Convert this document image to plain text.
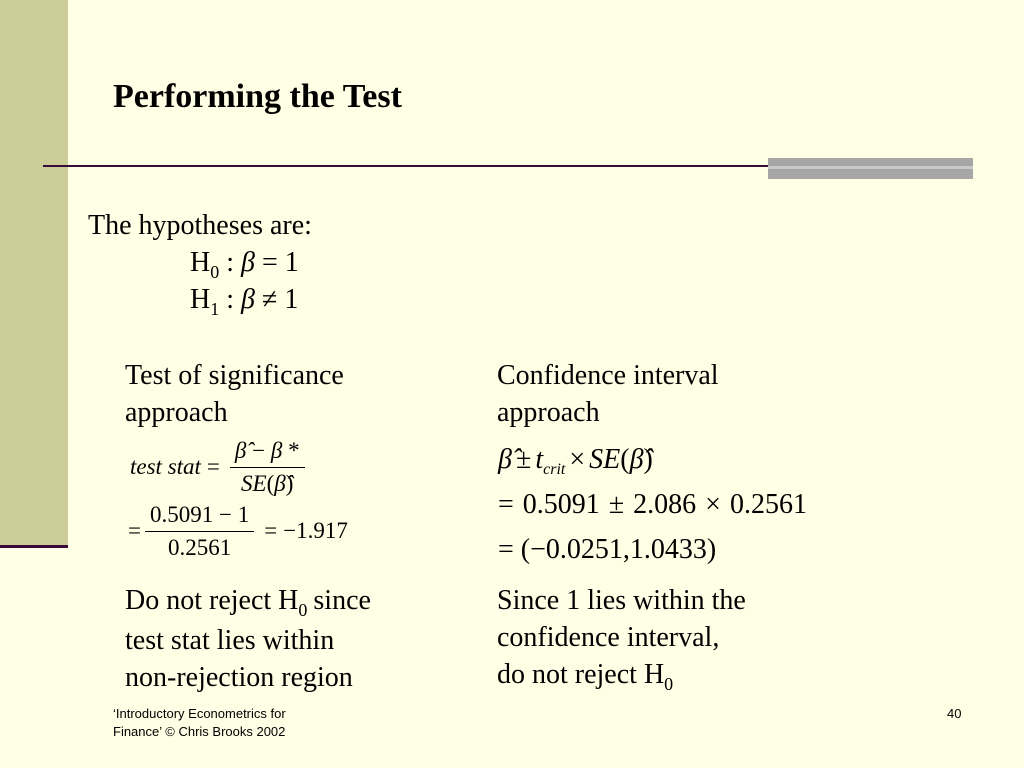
Performing the Test
The hypotheses are:
$H_0$ : β = 1
$H_1$ : β ≠ 1
Test of significance
approach
test stat = $\frac{\betâ - \beta *}{SE(\betâ)}$
= $\frac{0.5091 - 1}{0.2561} = -1.917$
Do not reject $H_0$ since
test stat lies within
non-rejection region
Confidence interval
approach
β̂ ± $t_{crit}$ × SE(β̂)
= 0.5091 ± 2.086 × 0.2561
= (−0.0251,1.0433)
Since 1 lies within the
confidence interval,
do not reject $H_0$
‘Introductory Econometrics for
Finance’ © Chris Brooks 2002
40
